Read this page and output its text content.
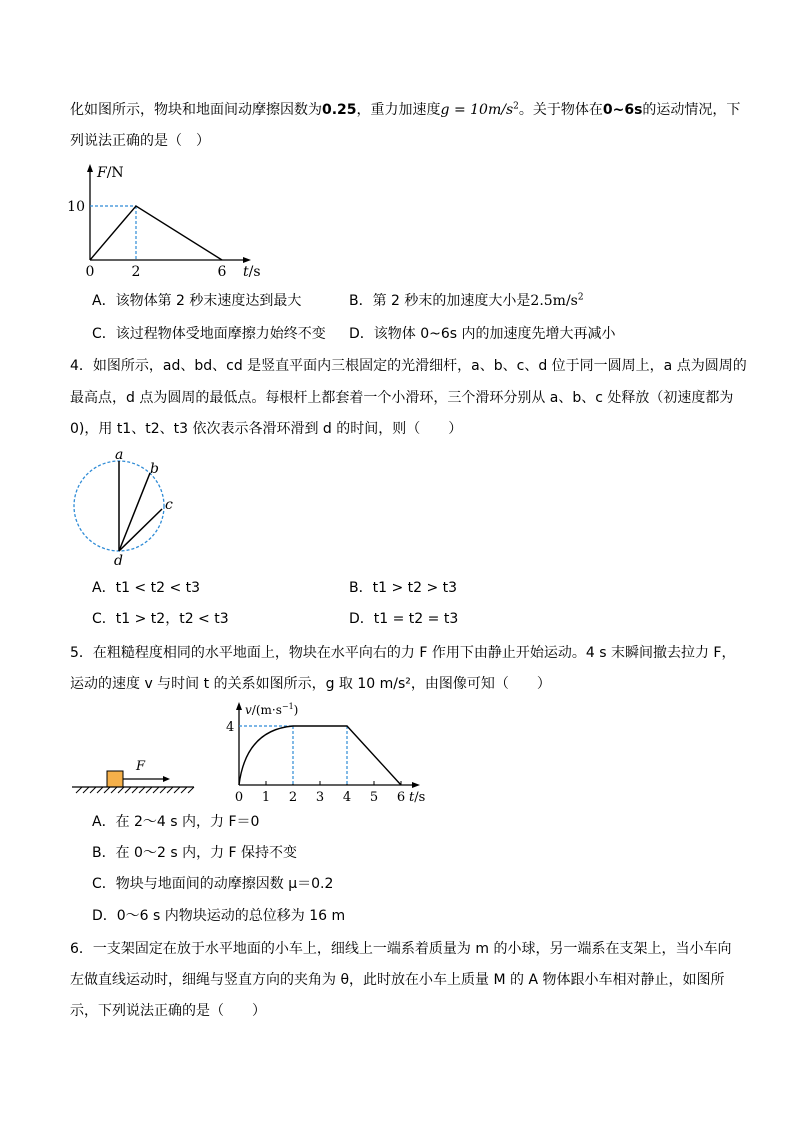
化如图所示，物块和地面间动摩擦因数为0.25，重力加速度$g = 10m/s^2$。关于物体在0~6s的运动情况，下
列说法正确的是（　）
F/N
10
0	2	6 t/s
A．该物体第 2 秒末速度达到最大	B．第 2 秒末的加速度大小是$2.5m/s^2$
C．该过程物体受地面摩擦力始终不变 D．该物体 0~6s 内的加速度先增大再减小
4．如图所示，ad、bd、cd 是竖直平面内三根固定的光滑细杆，a、b、c、d 位于同一圆周上，a 点为圆周的
最高点，d 点为圆周的最低点。每根杆上都套着一个小滑环，三个滑环分别从 a、b、c 处释放（初速度都为
0)，用 t1、t2、t3 依次表示各滑环滑到 d 的时间，则（　　）
a
b
c
d
A．t1 < t2 < t3	B．t1 > t2 > t3
C．t1 > t2，t2 < t3	D．t1 = t2 = t3
5．在粗糙程度相同的水平地面上，物块在水平向右的力 F 作用下由静止开始运动。4 s 末瞬间撤去拉力 F，
运动的速度 v 与时间 t 的关系如图所示，g 取 10 m/s²，由图像可知（　　）
F
$v/(m\cdot s^{-1})$
4
0 1 2 3 4 5 6 t/s
A．在 2～4 s 内，力 F＝0
B．在 0～2 s 内，力 F 保持不变
C．物块与地面间的动摩擦因数 μ＝0.2
D．0～6 s 内物块运动的总位移为 16 m
6．一支架固定在放于水平地面的小车上，细线上一端系着质量为 m 的小球，另一端系在支架上，当小车向
左做直线运动时，细绳与竖直方向的夹角为 θ，此时放在小车上质量 M 的 A 物体跟小车相对静止，如图所
示，下列说法正确的是（　　）
